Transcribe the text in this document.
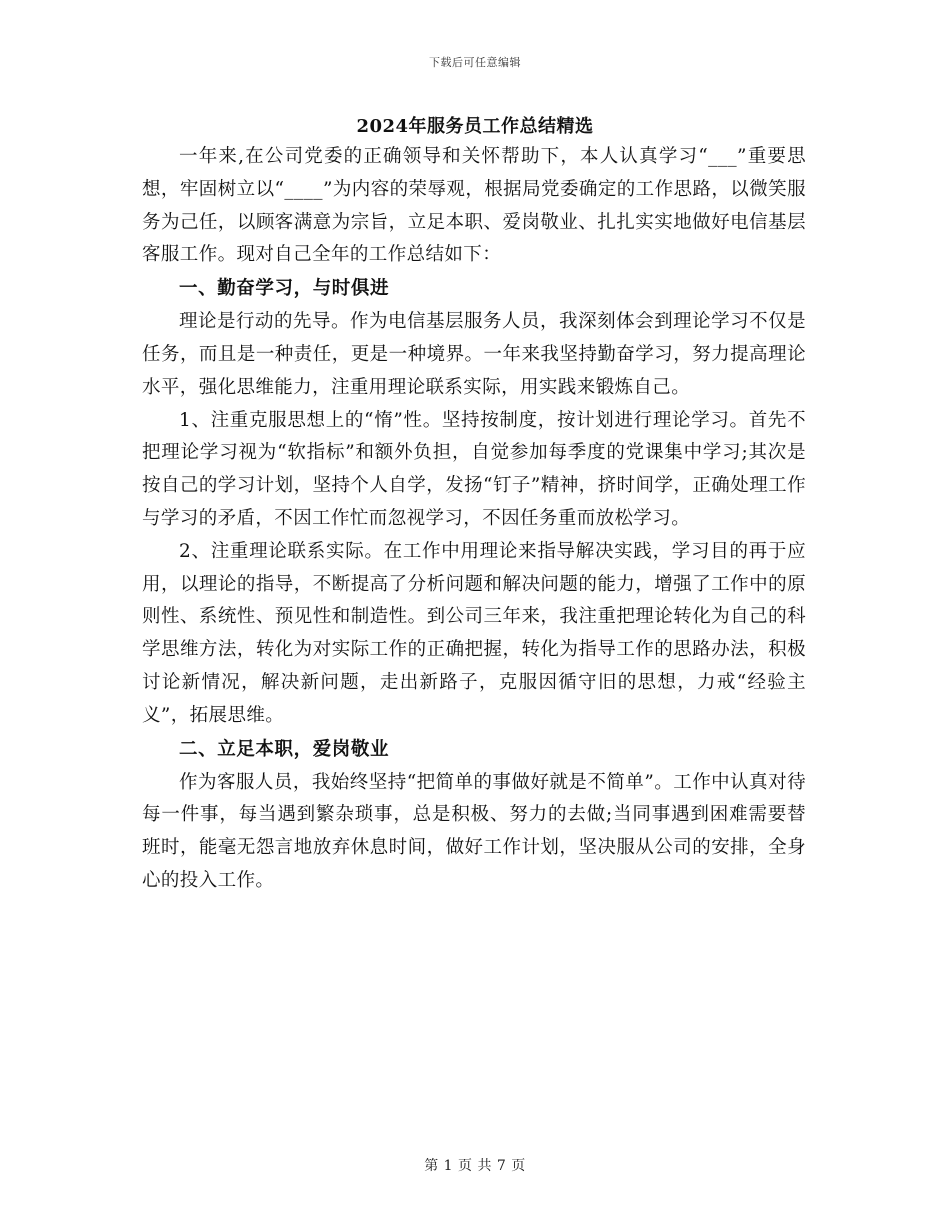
下载后可任意编辑
2024年服务员工作总结精选

一年来,在公司党委的正确领导和关怀帮助下，本人认真学习“___”重要思想，牢固树立以“____”为内容的荣辱观，根据局党委确定的工作思路，以微笑服务为己任，以顾客满意为宗旨，立足本职、爱岗敬业、扎扎实实地做好电信基层客服工作。现对自己全年的工作总结如下：

一、勤奋学习，与时俱进

理论是行动的先导。作为电信基层服务人员，我深刻体会到理论学习不仅是任务，而且是一种责任，更是一种境界。一年来我坚持勤奋学习，努力提高理论水平，强化思维能力，注重用理论联系实际，用实践来锻炼自己。

1、注重克服思想上的“惰”性。坚持按制度，按计划进行理论学习。首先不把理论学习视为“软指标”和额外负担，自觉参加每季度的党课集中学习;其次是按自己的学习计划，坚持个人自学，发扬“钉子”精神，挤时间学，正确处理工作与学习的矛盾，不因工作忙而忽视学习，不因任务重而放松学习。

2、注重理论联系实际。在工作中用理论来指导解决实践，学习目的再于应用，以理论的指导，不断提高了分析问题和解决问题的能力，增强了工作中的原则性、系统性、预见性和制造性。到公司三年来，我注重把理论转化为自己的科学思维方法，转化为对实际工作的正确把握，转化为指导工作的思路办法，积极讨论新情况，解决新问题，走出新路子，克服因循守旧的思想，力戒“经验主义”，拓展思维。

二、立足本职，爱岗敬业

作为客服人员，我始终坚持“把简单的事做好就是不简单”。工作中认真对待每一件事，每当遇到繁杂琐事，总是积极、努力的去做;当同事遇到困难需要替班时，能毫无怨言地放弃休息时间，做好工作计划，坚决服从公司的安排，全身心的投入工作。

第 1 页 共 7 页
